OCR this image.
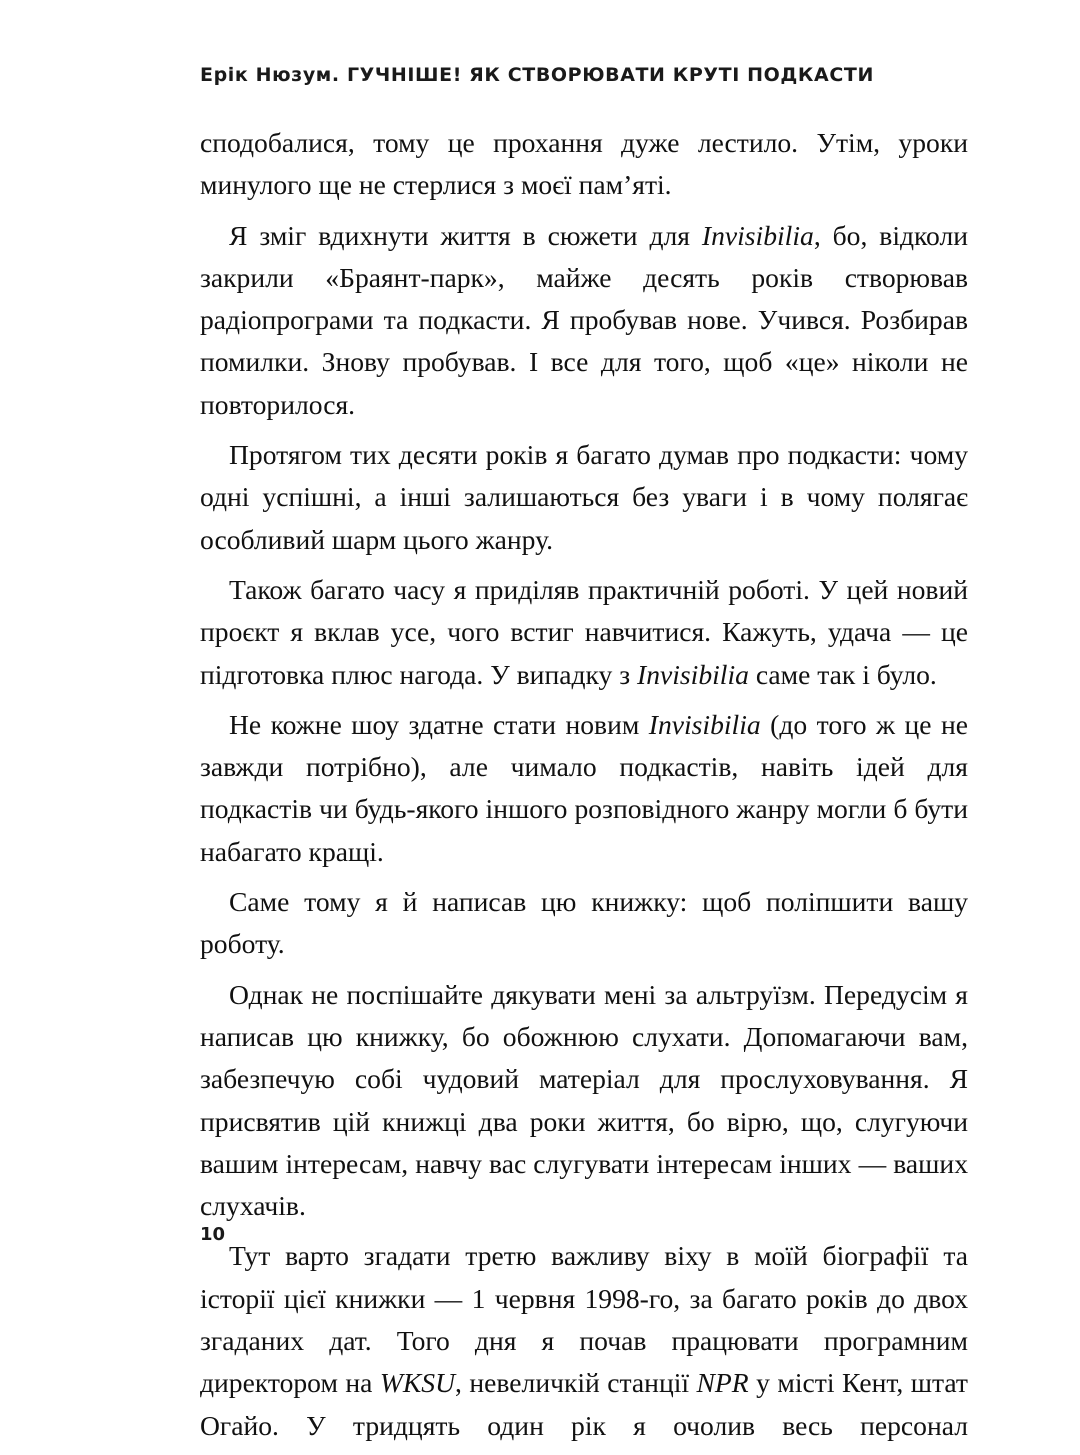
Ерік Нюзум. ГУЧНІШЕ! ЯК СТВОРЮВАТИ КРУТІ ПОДКАСТИ

сподобалися, тому це прохання дуже лестило. Утім, уроки минулого ще не стерлися з моєї пам’яті.

Я зміг вдихнути життя в сюжети для Invisibilia, бо, відколи закрили «Браянт-парк», майже десять років створював радіопрограми та подкасти. Я пробував нове. Учився. Розбирав помилки. Знову пробував. І все для того, щоб «це» ніколи не повторилося.

Протягом тих десяти років я багато думав про подкасти: чому одні успішні, а інші залишаються без уваги і в чому полягає особливий шарм цього жанру.

Також багато часу я приділяв практичній роботі. У цей новий проєкт я вклав усе, чого встиг навчитися. Кажуть, удача — це підготовка плюс нагода. У випадку з Invisibilia саме так і було.

Не кожне шоу здатне стати новим Invisibilia (до того ж це не завжди потрібно), але чимало подкастів, навіть ідей для подкастів чи будь-якого іншого розповідного жанру могли б бути набагато кращі.

Саме тому я й написав цю книжку: щоб поліпшити вашу роботу.

Однак не поспішайте дякувати мені за альтруїзм. Передусім я написав цю книжку, бо обожнюю слухати. Допомагаючи вам, забезпечую собі чудовий матеріал для прослуховування. Я присвятив цій книжці два роки життя, бо вірю, що, слугуючи вашим інтересам, навчу вас слугувати інтересам інших — ваших слухачів.

Тут варто згадати третю важливу віху в моїй біографії та історії цієї книжки — 1 червня 1998-го, за багато років до двох згаданих дат. Того дня я почав працювати програмним директором на WKSU, невеличкій станції NPR у місті Кент, штат Огайо. У тридцять один рік я очолив весь персонал

10
